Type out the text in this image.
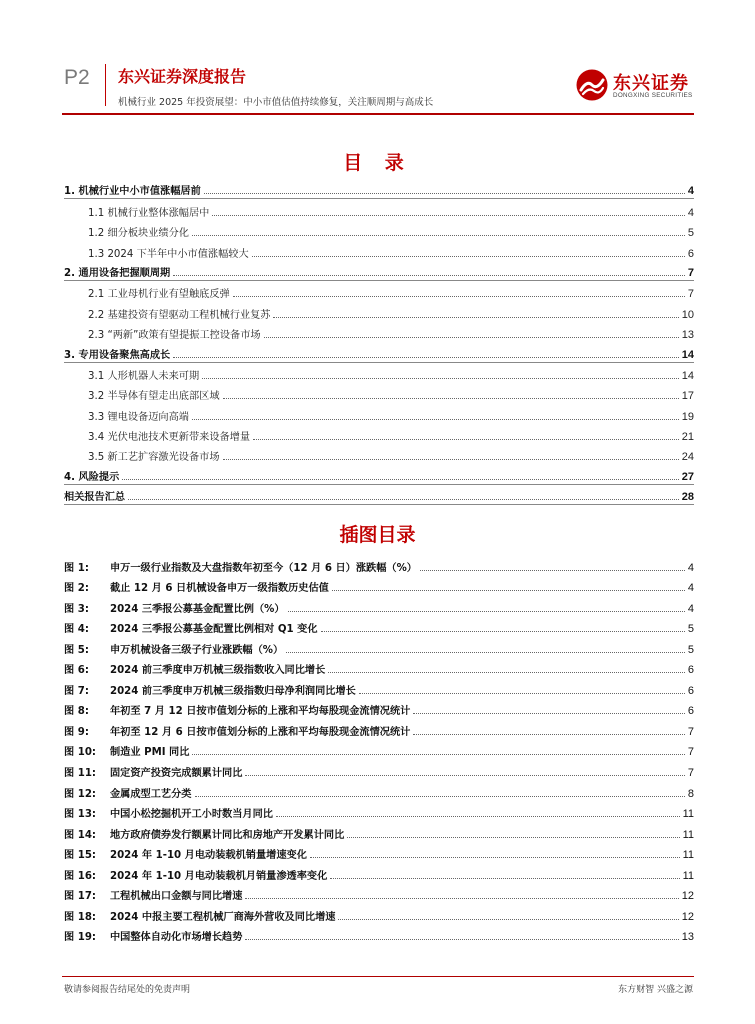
P2 东兴证券深度报告
机械行业 2025 年投资展望：中小市值估值持续修复，关注顺周期与高成长
东兴证券
DONGXING SECURITIES
目 录
1. 机械行业中小市值涨幅居前	4
1.1 机械行业整体涨幅居中	4
1.2 细分板块业绩分化	5
1.3 2024 下半年中小市值涨幅较大	6
2. 通用设备把握顺周期	7
2.1 工业母机行业有望触底反弹	7
2.2 基建投资有望驱动工程机械行业复苏	10
2.3 “两新”政策有望提振工控设备市场	13
3. 专用设备聚焦高成长	14
3.1 人形机器人未来可期	14
3.2 半导体有望走出底部区域	17
3.3 锂电设备迈向高端	19
3.4 光伏电池技术更新带来设备增量	21
3.5 新工艺扩容激光设备市场	24
4. 风险提示	27
相关报告汇总	28
插图目录
图 1:	申万一级行业指数及大盘指数年初至今（12 月 6 日）涨跌幅（%）	4
图 2:	截止 12 月 6 日机械设备申万一级指数历史估值	4
图 3:	2024 三季报公募基金配置比例（%）	4
图 4:	2024 三季报公募基金配置比例相对 Q1 变化	5
图 5:	申万机械设备三级子行业涨跌幅（%）	5
图 6:	2024 前三季度申万机械三级指数收入同比增长	6
图 7:	2024 前三季度申万机械三级指数归母净利润同比增长	6
图 8:	年初至 7 月 12 日按市值划分标的上涨和平均每股现金流情况统计	6
图 9:	年初至 12 月 6 日按市值划分标的上涨和平均每股现金流情况统计	7
图 10:	制造业 PMI 同比	7
图 11:	固定资产投资完成额累计同比	7
图 12:	金属成型工艺分类	8
图 13:	中国小松挖掘机开工小时数当月同比	11
图 14:	地方政府债券发行额累计同比和房地产开发累计同比	11
图 15:	2024 年 1-10 月电动装载机销量增速变化	11
图 16:	2024 年 1-10 月电动装载机月销量渗透率变化	11
图 17:	工程机械出口金额与同比增速	12
图 18:	2024 中报主要工程机械厂商海外营收及同比增速	12
图 19:	中国整体自动化市场增长趋势	13
敬请参阅报告结尾处的免责声明	东方财智 兴盛之源
